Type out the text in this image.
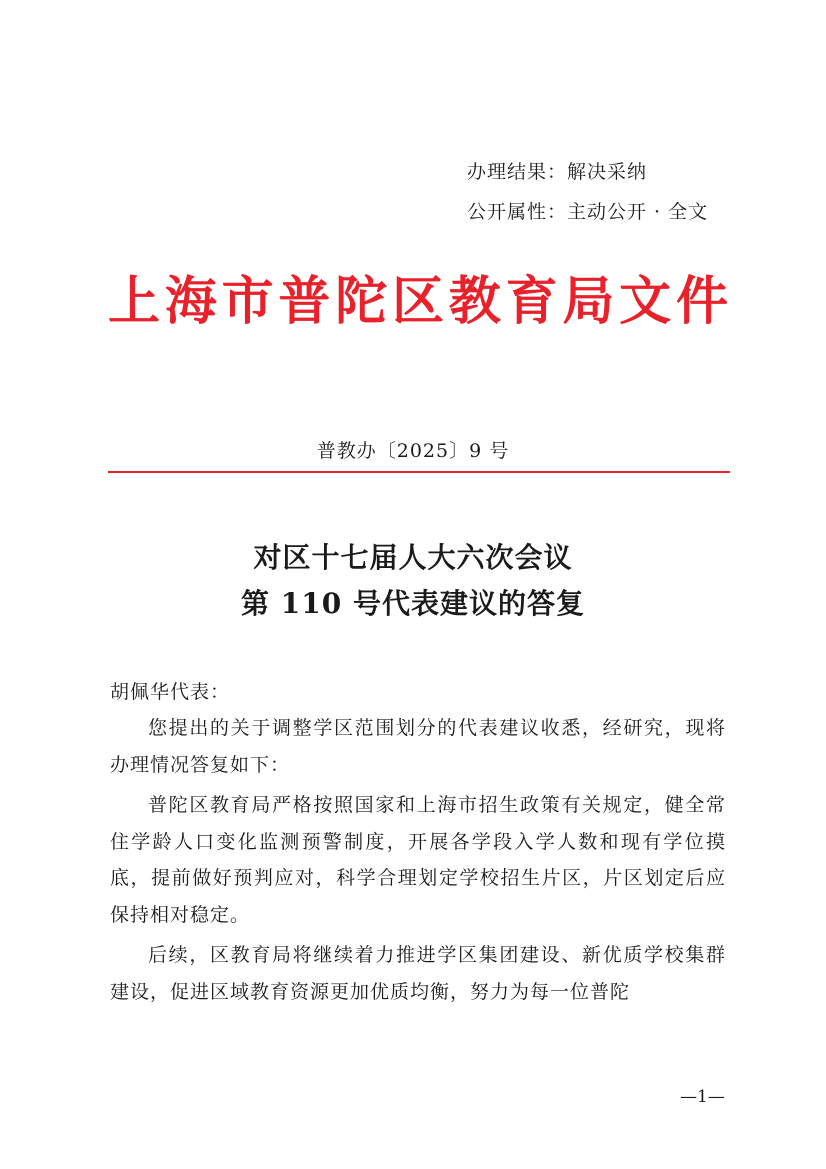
办理结果：解决采纳
公开属性：主动公开 · 全文
上海市普陀区教育局文件
普教办〔2025〕9 号
对区十七届人大六次会议
第 110 号代表建议的答复
胡佩华代表：

您提出的关于调整学区范围划分的代表建议收悉，经研究，现将办理情况答复如下：

普陀区教育局严格按照国家和上海市招生政策有关规定，健全常住学龄人口变化监测预警制度，开展各学段入学人数和现有学位摸底，提前做好预判应对，科学合理划定学校招生片区，片区划定后应保持相对稳定。

后续，区教育局将继续着力推进学区集团建设、新优质学校集群建设，促进区域教育资源更加优质均衡，努力为每一位普陀

—1—
